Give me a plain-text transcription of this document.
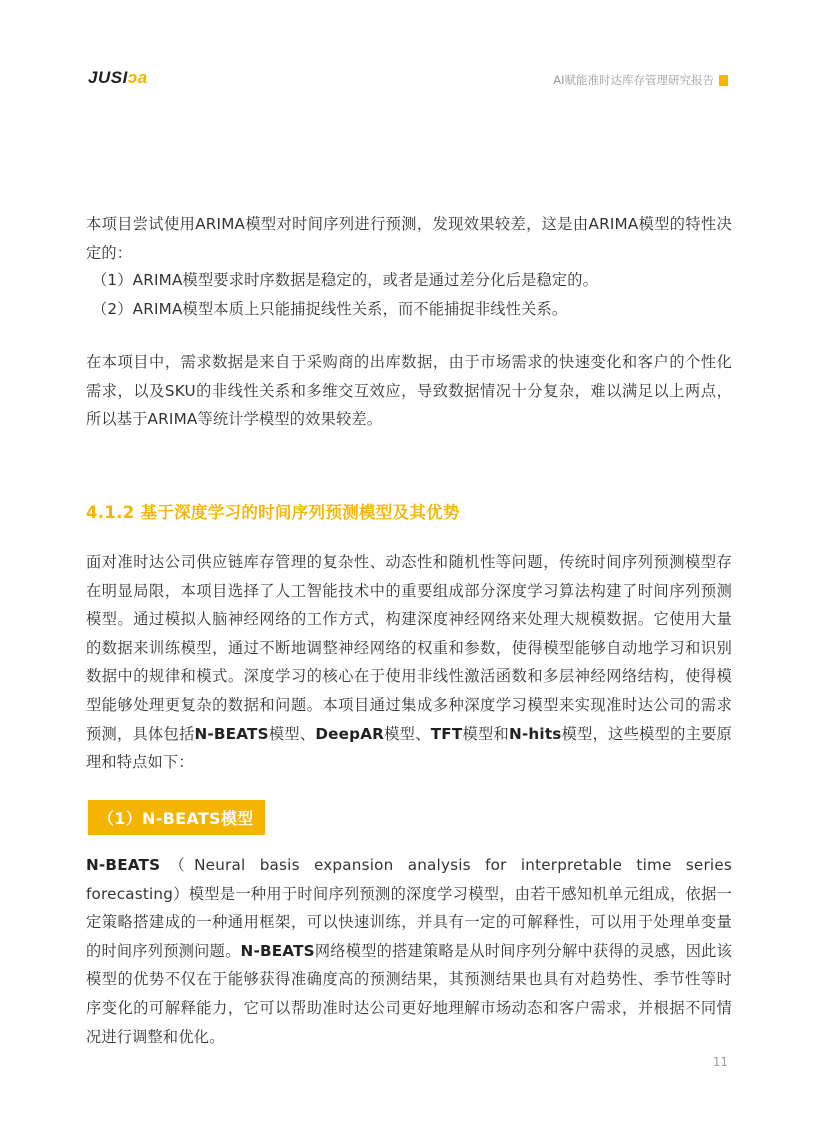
JUSIɔa	AI赋能准时达库存管理研究报告

本项目尝试使用ARIMA模型对时间序列进行预测，发现效果较差，这是由ARIMA模型的特性决定的：

（1）ARIMA模型要求时序数据是稳定的，或者是通过差分化后是稳定的。
（2）ARIMA模型本质上只能捕捉线性关系，而不能捕捉非线性关系。

在本项目中，需求数据是来自于采购商的出库数据，由于市场需求的快速变化和客户的个性化需求，以及SKU的非线性关系和多维交互效应，导致数据情况十分复杂，难以满足以上两点，所以基于ARIMA等统计学模型的效果较差。

4.1.2 基于深度学习的时间序列预测模型及其优势

面对准时达公司供应链库存管理的复杂性、动态性和随机性等问题，传统时间序列预测模型存在明显局限，本项目选择了人工智能技术中的重要组成部分深度学习算法构建了时间序列预测模型。通过模拟人脑神经网络的工作方式，构建深度神经网络来处理大规模数据。它使用大量的数据来训练模型，通过不断地调整神经网络的权重和参数，使得模型能够自动地学习和识别数据中的规律和模式。深度学习的核心在于使用非线性激活函数和多层神经网络结构，使得模型能够处理更复杂的数据和问题。本项目通过集成多种深度学习模型来实现准时达公司的需求预测，具体包括N-BEATS模型、DeepAR模型、TFT模型和N-hits模型，这些模型的主要原理和特点如下：

（1）N-BEATS模型

N-BEATS（Neural basis expansion analysis for interpretable time series forecasting）模型是一种用于时间序列预测的深度学习模型，由若干感知机单元组成，依据一定策略搭建成的一种通用框架，可以快速训练，并具有一定的可解释性，可以用于处理单变量的时间序列预测问题。N-BEATS网络模型的搭建策略是从时间序列分解中获得的灵感，因此该模型的优势不仅在于能够获得准确度高的预测结果，其预测结果也具有对趋势性、季节性等时序变化的可解释能力，它可以帮助准时达公司更好地理解市场动态和客户需求，并根据不同情况进行调整和优化。

11
